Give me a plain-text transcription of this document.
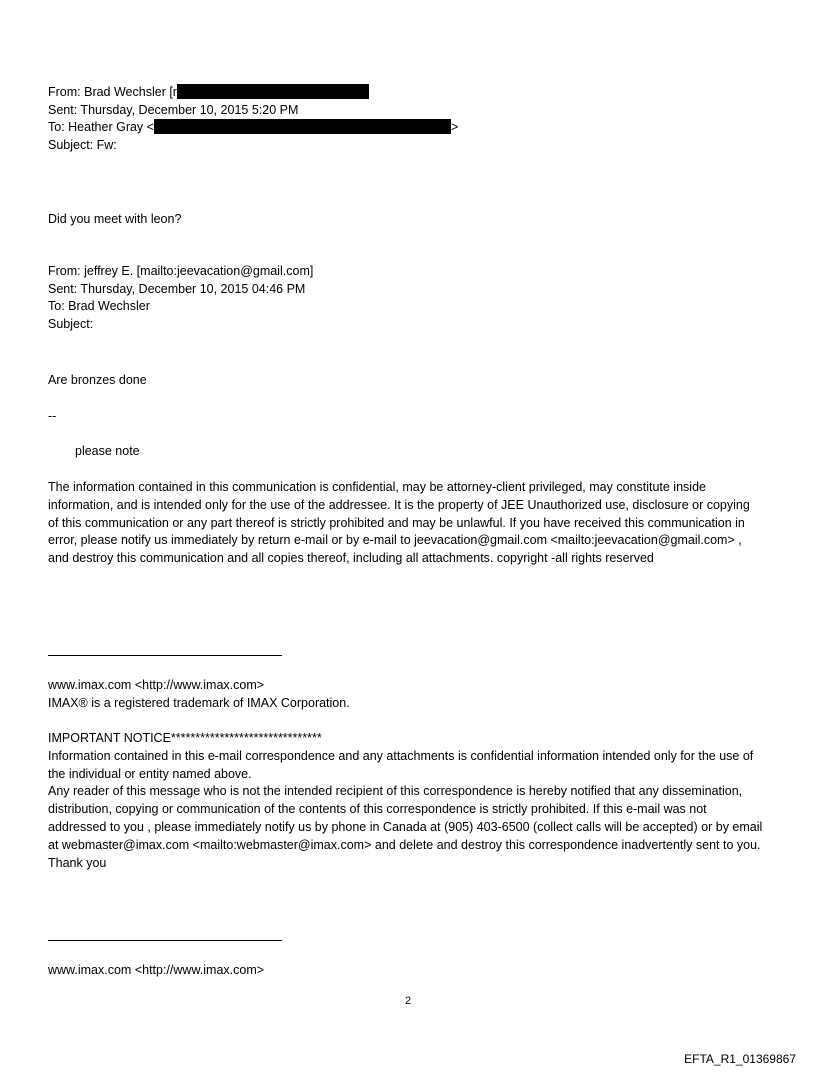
From: Brad Wechsler [r
Sent: Thursday, December 10, 2015 5:20 PM
To: Heather Gray <	>
Subject: Fw:
Did you meet with leon?
From: jeffrey E. [mailto:jeevacation@gmail.com]
Sent: Thursday, December 10, 2015 04:46 PM
To: Brad Wechsler
Subject:
Are bronzes done
--
please note
The information contained in this communication is confidential, may be attorney-client privileged, may constitute inside information, and is intended only for the use of the addressee. It is the property of JEE Unauthorized use, disclosure or copying of this communication or any part thereof is strictly prohibited and may be unlawful. If you have received this communication in error, please notify us immediately by return e-mail or by e-mail to jeevacation@gmail.com <mailto:jeevacation@gmail.com> , and destroy this communication and all copies thereof, including all attachments. copyright -all rights reserved
www.imax.com <http://www.imax.com>
IMAX® is a registered trademark of IMAX Corporation.
IMPORTANT NOTICE*******************************
Information contained in this e-mail correspondence and any attachments is confidential information intended only for the use of the individual or entity named above.
Any reader of this message who is not the intended recipient of this correspondence is hereby notified that any dissemination, distribution, copying or communication of the contents of this correspondence is strictly prohibited. If this e-mail was not addressed to you , please immediately notify us by phone in Canada at (905) 403-6500 (collect calls will be accepted) or by email at webmaster@imax.com <mailto:webmaster@imax.com> and delete and destroy this correspondence inadvertently sent to you. Thank you
www.imax.com <http://www.imax.com>
2
EFTA_R1_01369867
